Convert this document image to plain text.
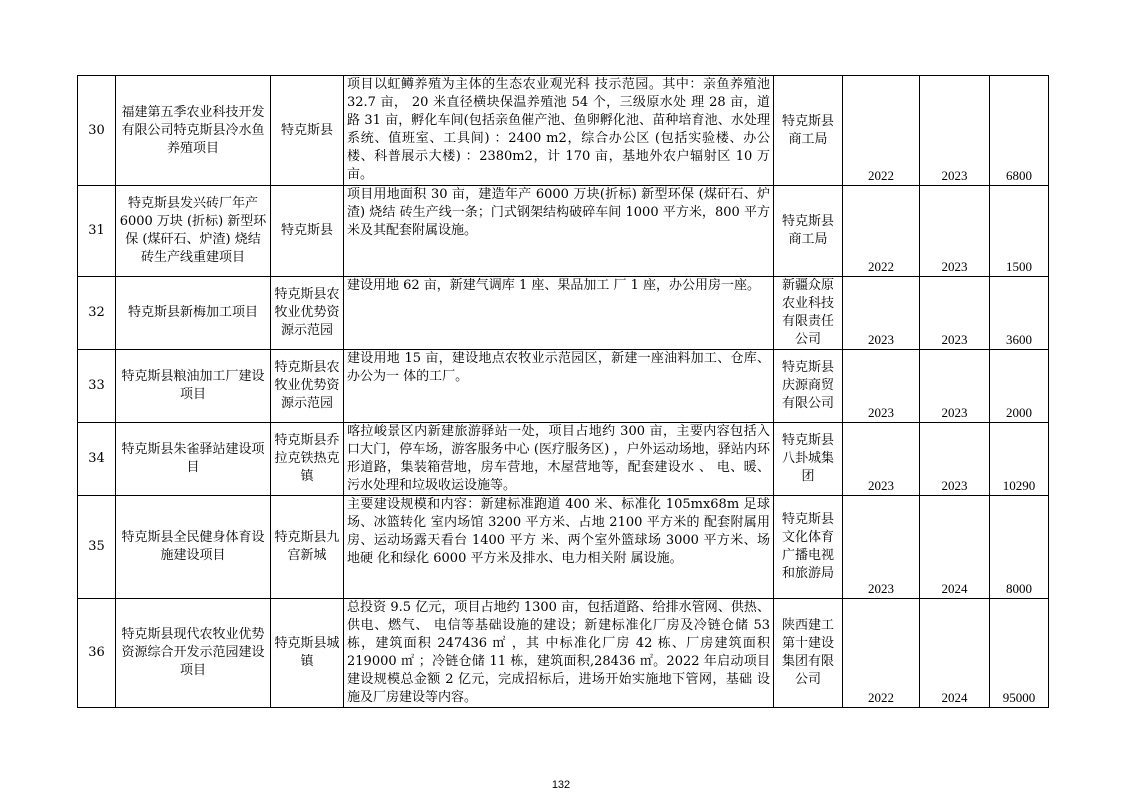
30	福建第五季农业科技开发有限公司特克斯县冷水鱼养殖项目	特克斯县	项目以虹鳟养殖为主体的生态农业观光科 技示范园。其中：亲鱼养殖池 32.7 亩， 20 米直径横块保温养殖池 54 个，三级原水处 理 28 亩，道路 31 亩，孵化车间(包括亲鱼催产池、鱼卵孵化池、苗种培育池、水处理系统、值班室、工具间) ：2400 m2，综合办公区 (包括实验楼、办公 楼、科普展示大楼) ：2380m2，计 170 亩，基地外农户辐射区 10 万亩。	特克斯县商工局	2022	2023	6800
31	特克斯县发兴砖厂年产 6000 万块 (折标) 新型环保 (煤矸石、炉渣) 烧结 砖生产线重建项目	特克斯县	项目用地面积 30 亩，建造年产 6000 万块(折标) 新型环保 (煤矸石、炉渣) 烧结 砖生产线一条；门式钢架结构破碎车间 1000 平方米，800 平方米及其配套附属设施。	特克斯县商工局	2022	2023	1500
32	特克斯县新梅加工项目	特克斯县农牧业优势资源示范园	建设用地 62 亩，新建气调库 1 座、果品加工 厂 1 座，办公用房一座。	新疆众原农业科技有限责任公司	2023	2023	3600
33	特克斯县粮油加工厂建设项目	特克斯县农牧业优势资源示范园	建设用地 15 亩，建设地点农牧业示范园区，新建一座油料加工、仓库、办公为一 体的工厂。	特克斯县庆源商贸有限公司	2023	2023	2000
34	特克斯县朱雀驿站建设项目	特克斯县乔拉克铁热克镇	喀拉峻景区内新建旅游驿站一处，项目占地约 300 亩，主要内容包括入口大门，停车场，游客服务中心 (医疗服务区) ，户外运动场地，驿站内环形道路，集装箱营地，房车营地，木屋营地等，配套建设水 、 电、暖、污水处理和垃圾收运设施等。	特克斯县八卦城集团	2023	2023	10290
35	特克斯县全民健身体育设施建设项目	特克斯县九宫新城	主要建设规模和内容：新建标准跑道 400 米、标准化 105mx68m 足球场、冰篮转化 室内场馆 3200 平方米、占地 2100 平方米的 配套附属用房、运动场露天看台 1400 平方 米、两个室外篮球场 3000 平方米、场地硬 化和绿化 6000 平方米及排水、电力相关附 属设施。	特克斯县文化体育广播电视和旅游局	2023	2024	8000
36	特克斯县现代农牧业优势资源综合开发示范园建设项目	特克斯县城镇	总投资 9.5 亿元，项目占地约 1300 亩，包括道路、给排水管网、供热、供电、燃气、 电信等基础设施的建设；新建标准化厂房及冷链仓储 53 栋，建筑面积 247436 ㎡ ，其 中标准化厂房 42 栋、厂房建筑面积 219000 ㎡ ；冷链仓储 11 栋，建筑面积,28436 ㎡。2022 年启动项目建设规模总金额 2 亿元，完成招标后，进场开始实施地下管网，基础 设施及厂房建设等内容。	陕西建工第十建设集团有限公司	2022	2024	95000
132
